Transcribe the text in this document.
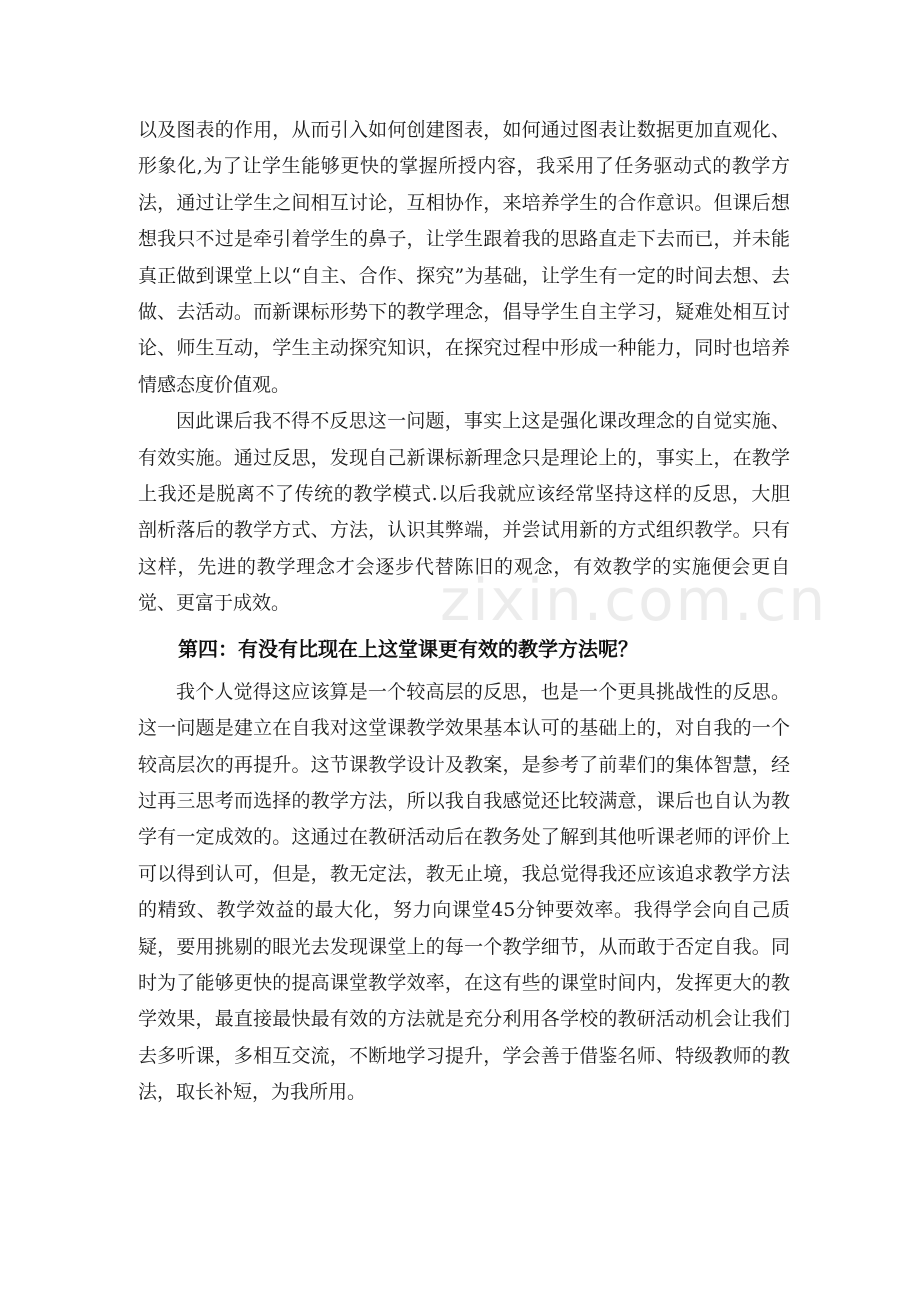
zixin.com.cn

以及图表的作用，从而引入如何创建图表，如何通过图表让数据更加直观化、形象化,为了让学生能够更快的掌握所授内容，我采用了任务驱动式的教学方法，通过让学生之间相互讨论，互相协作，来培养学生的合作意识。但课后想想我只不过是牵引着学生的鼻子，让学生跟着我的思路直走下去而已，并未能真正做到课堂上以“自主、合作、探究”为基础，让学生有一定的时间去想、去做、去活动。而新课标形势下的教学理念，倡导学生自主学习，疑难处相互讨论、师生互动，学生主动探究知识，在探究过程中形成一种能力，同时也培养情感态度价值观。

因此课后我不得不反思这一问题，事实上这是强化课改理念的自觉实施、有效实施。通过反思，发现自己新课标新理念只是理论上的，事实上，在教学上我还是脱离不了传统的教学模式.以后我就应该经常坚持这样的反思，大胆剖析落后的教学方式、方法，认识其弊端，并尝试用新的方式组织教学。只有这样，先进的教学理念才会逐步代替陈旧的观念，有效教学的实施便会更自觉、更富于成效。

第四：有没有比现在上这堂课更有效的教学方法呢？

我个人觉得这应该算是一个较高层的反思，也是一个更具挑战性的反思。这一问题是建立在自我对这堂课教学效果基本认可的基础上的，对自我的一个较高层次的再提升。这节课教学设计及教案，是参考了前辈们的集体智慧，经过再三思考而选择的教学方法，所以我自我感觉还比较满意，课后也自认为教学有一定成效的。这通过在教研活动后在教务处了解到其他听课老师的评价上可以得到认可，但是，教无定法，教无止境，我总觉得我还应该追求教学方法的精致、教学效益的最大化，努力向课堂45分钟要效率。我得学会向自己质疑，要用挑剔的眼光去发现课堂上的每一个教学细节，从而敢于否定自我。同时为了能够更快的提高课堂教学效率，在这有些的课堂时间内，发挥更大的教学效果，最直接最快最有效的方法就是充分利用各学校的教研活动机会让我们去多听课，多相互交流，不断地学习提升，学会善于借鉴名师、特级教师的教法，取长补短，为我所用。
